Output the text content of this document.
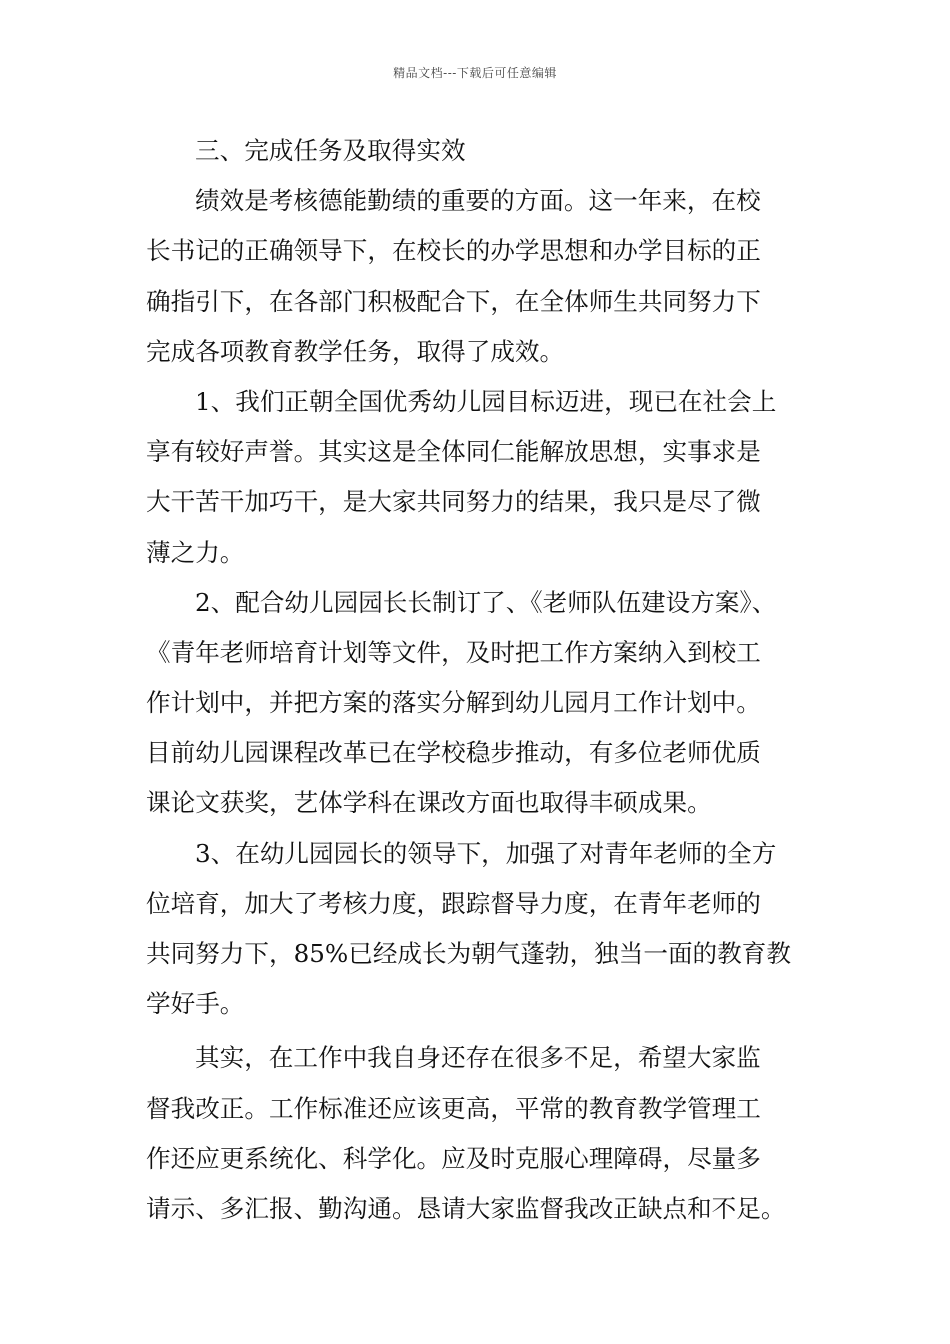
精品文档---下载后可任意编辑
三、完成任务及取得实效
绩效是考核德能勤绩的重要的方面。这一年来，在校
长书记的正确领导下，在校长的办学思想和办学目标的正
确指引下，在各部门积极配合下，在全体师生共同努力下
完成各项教育教学任务，取得了成效。
1、我们正朝全国优秀幼儿园目标迈进，现已在社会上
享有较好声誉。其实这是全体同仁能解放思想，实事求是
大干苦干加巧干，是大家共同努力的结果，我只是尽了微
薄之力。
2、配合幼儿园园长长制订了、《老师队伍建设方案》、
《青年老师培育计划等文件，及时把工作方案纳入到校工
作计划中，并把方案的落实分解到幼儿园月工作计划中。
目前幼儿园课程改革已在学校稳步推动，有多位老师优质
课论文获奖，艺体学科在课改方面也取得丰硕成果。
3、在幼儿园园长的领导下，加强了对青年老师的全方
位培育，加大了考核力度，跟踪督导力度，在青年老师的
共同努力下，85%已经成长为朝气蓬勃，独当一面的教育教
学好手。
其实，在工作中我自身还存在很多不足，希望大家监
督我改正。工作标准还应该更高，平常的教育教学管理工
作还应更系统化、科学化。应及时克服心理障碍，尽量多
请示、多汇报、勤沟通。恳请大家监督我改正缺点和不足。
